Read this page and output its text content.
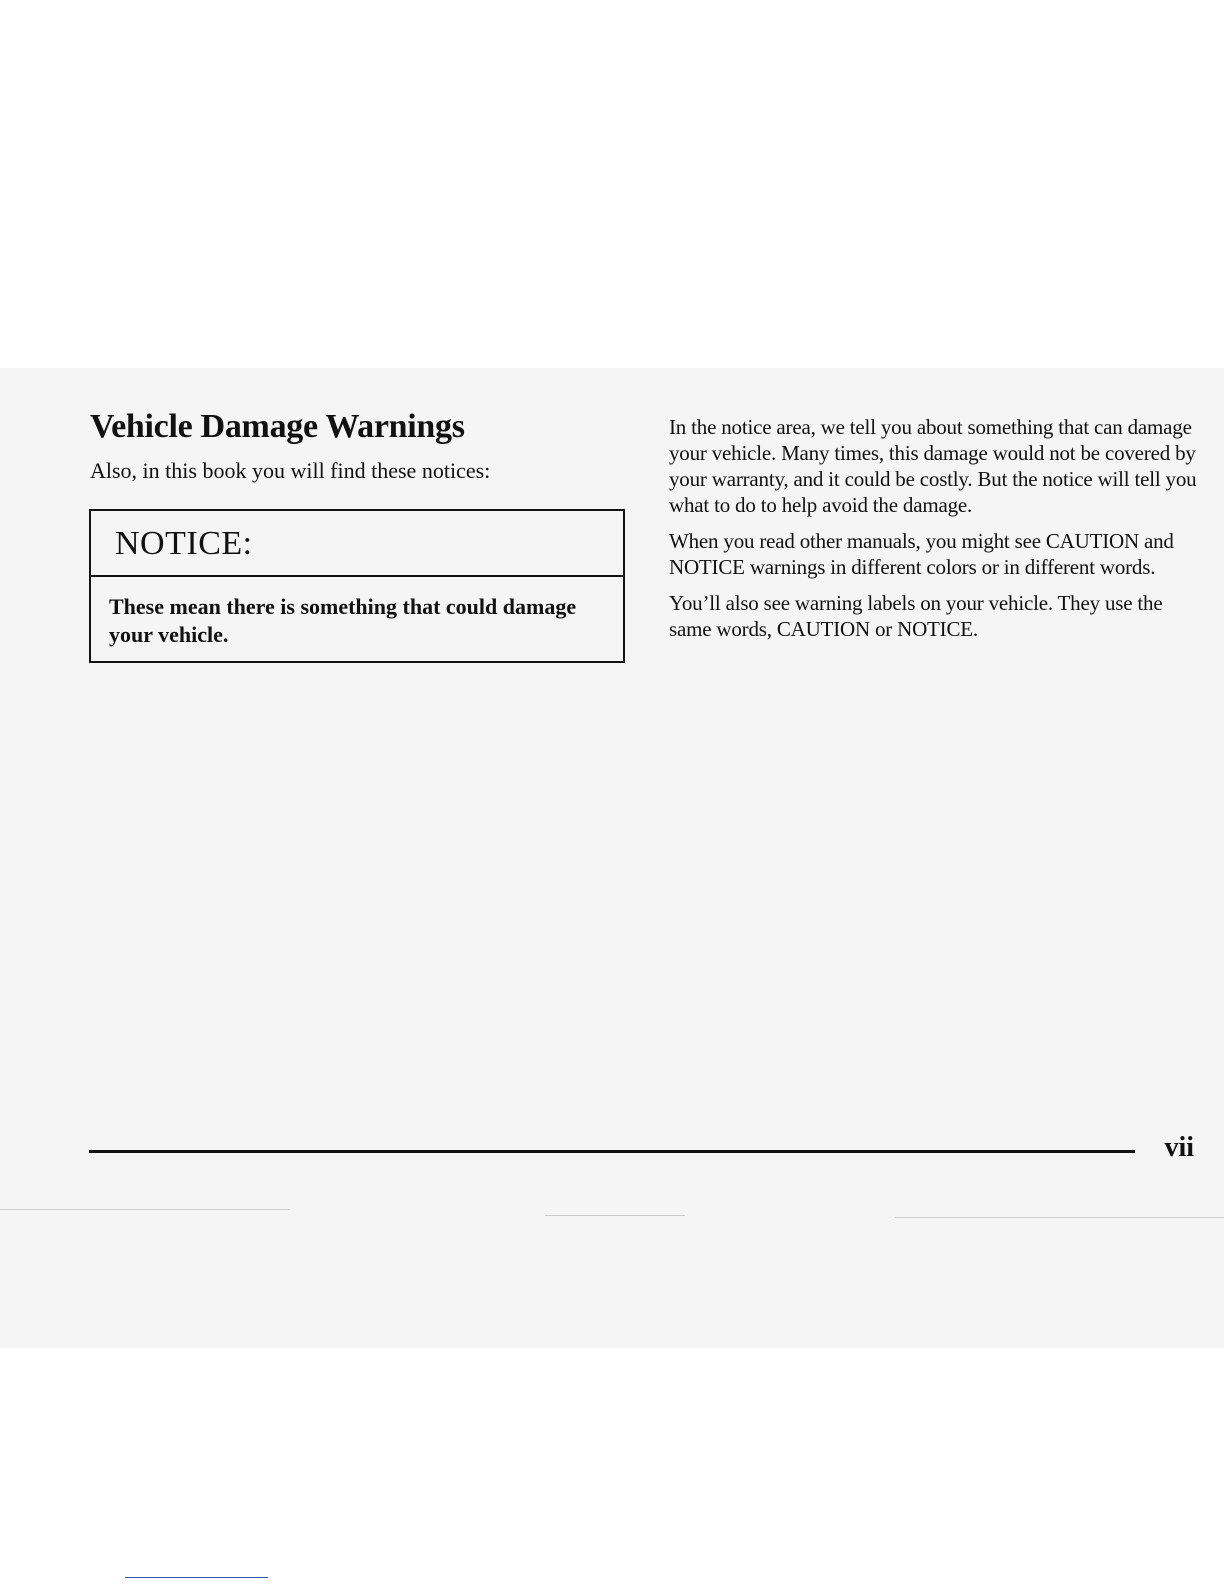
Vehicle Damage Warnings

Also, in this book you will find these notices:

NOTICE:
These mean there is something that could damage your vehicle.

In the notice area, we tell you about something that can damage your vehicle. Many times, this damage would not be covered by your warranty, and it could be costly. But the notice will tell you what to do to help avoid the damage.

When you read other manuals, you might see CAUTION and NOTICE warnings in different colors or in different words.

You’ll also see warning labels on your vehicle. They use the same words, CAUTION or NOTICE.

vii
